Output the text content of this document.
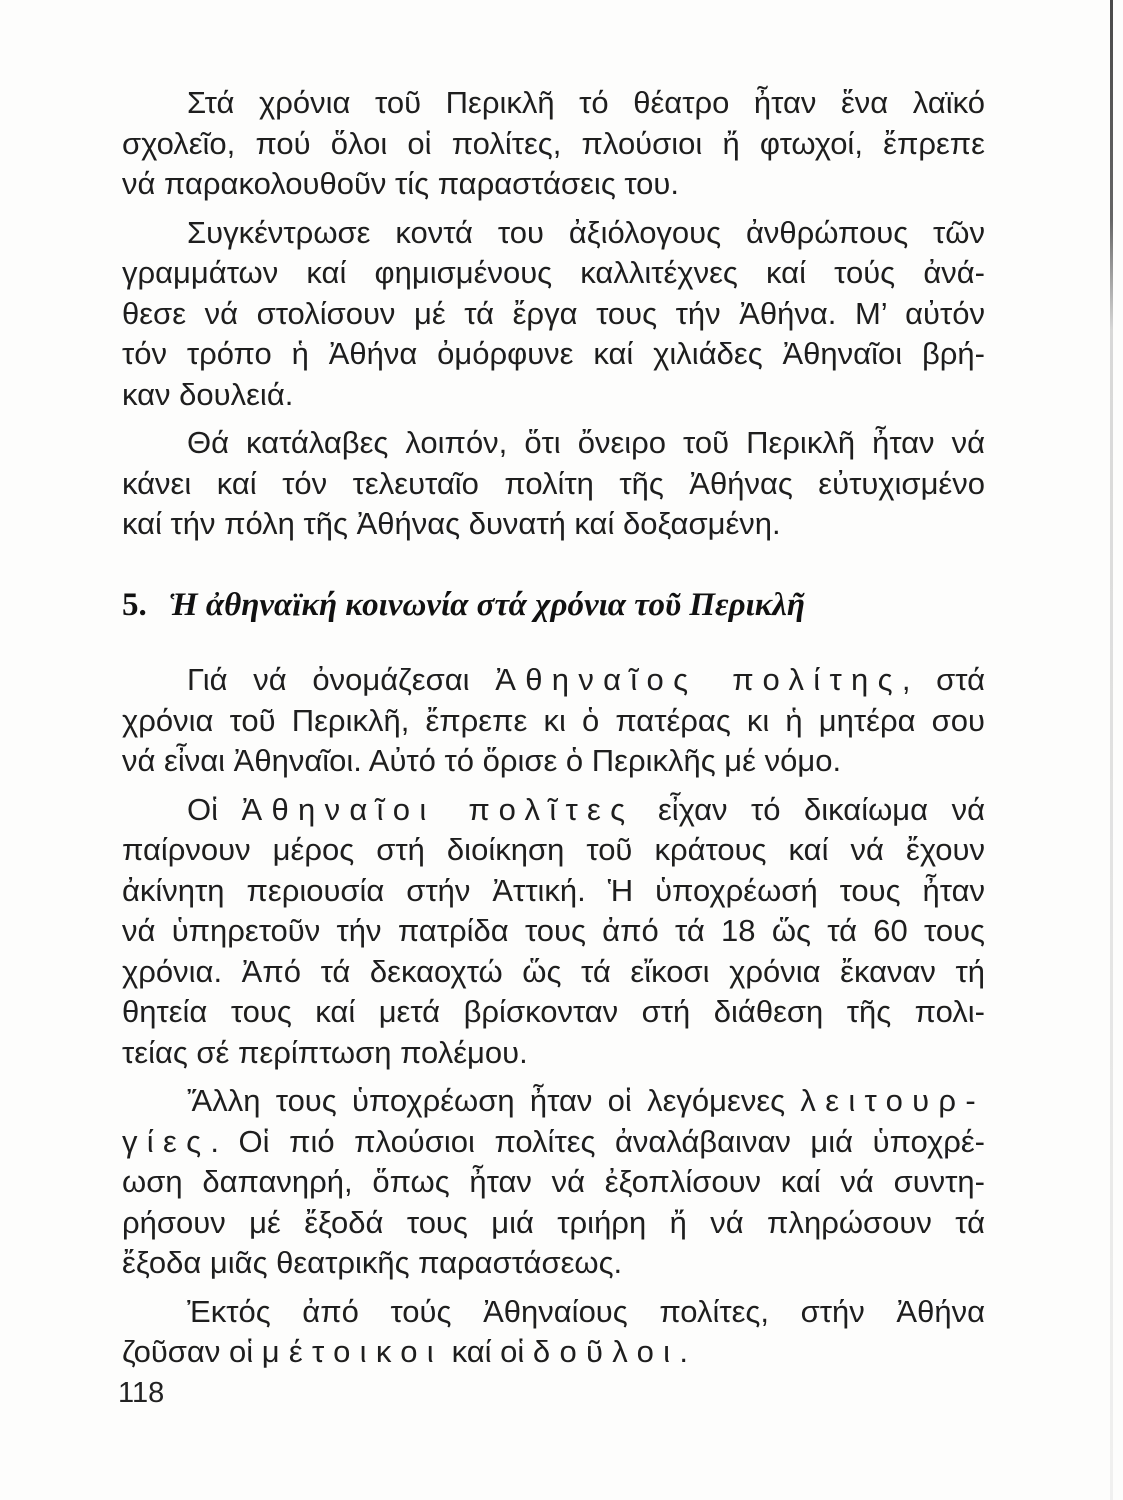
Στά χρόνια τοῦ Περικλῆ τό θέατρο ἦταν ἕνα λαϊκό
σχολεῖο, πού ὅλοι οἱ πολίτες, πλούσιοι ἤ φτωχοί, ἔπρεπε
νά παρακολουθοῦν τίς παραστάσεις του.
Συγκέντρωσε κοντά του ἀξιόλογους ἀνθρώπους τῶν
γραμμάτων καί φημισμένους καλλιτέχνες καί τούς ἀνά-
θεσε νά στολίσουν μέ τά ἔργα τους τήν Ἀθήνα. Μ’ αὐτόν
τόν τρόπο ἡ Ἀθήνα ὀμόρφυνε καί χιλιάδες Ἀθηναῖοι βρή-
καν δουλειά.
Θά κατάλαβες λοιπόν, ὅτι ὄνειρο τοῦ Περικλῆ ἦταν νά
κάνει καί τόν τελευταῖο πολίτη τῆς Ἀθήνας εὐτυχισμένο
καί τήν πόλη τῆς Ἀθήνας δυνατή καί δοξασμένη.
5. Ἡ ἀθηναϊκή κοινωνία στά χρόνια τοῦ Περικλῆ
Γιά νά ὀνομάζεσαι Ἀθηναῖος πολίτης, στά
χρόνια τοῦ Περικλῆ, ἔπρεπε κι ὁ πατέρας κι ἡ μητέρα σου
νά εἶναι Ἀθηναῖοι. Αὐτό τό ὅρισε ὁ Περικλῆς μέ νόμο.
Οἱ Ἀθηναῖοι πολῖτες εἶχαν τό δικαίωμα νά
παίρνουν μέρος στή διοίκηση τοῦ κράτους καί νά ἔχουν
ἀκίνητη περιουσία στήν Ἀττική. Ἡ ὑποχρέωσή τους ἦταν
νά ὑπηρετοῦν τήν πατρίδα τους ἀπό τά 18 ὥς τά 60 τους
χρόνια. Ἀπό τά δεκαοχτώ ὥς τά εἴκοσι χρόνια ἔκαναν τή
θητεία τους καί μετά βρίσκονταν στή διάθεση τῆς πολι-
τείας σέ περίπτωση πολέμου.
Ἄλλη τους ὑποχρέωση ἦταν οἱ λεγόμενες λειτουρ-
γίες. Οἱ πιό πλούσιοι πολίτες ἀναλάβαιναν μιά ὑποχρέ-
ωση δαπανηρή, ὅπως ἦταν νά ἐξοπλίσουν καί νά συντη-
ρήσουν μέ ἔξοδά τους μιά τριήρη ἤ νά πληρώσουν τά
ἔξοδα μιᾶς θεατρικῆς παραστάσεως.
Ἐκτός ἀπό τούς Ἀθηναίους πολίτες, στήν Ἀθήνα
ζοῦσαν οἱ μέτοικοι καί οἱ δοῦλοι.
118
